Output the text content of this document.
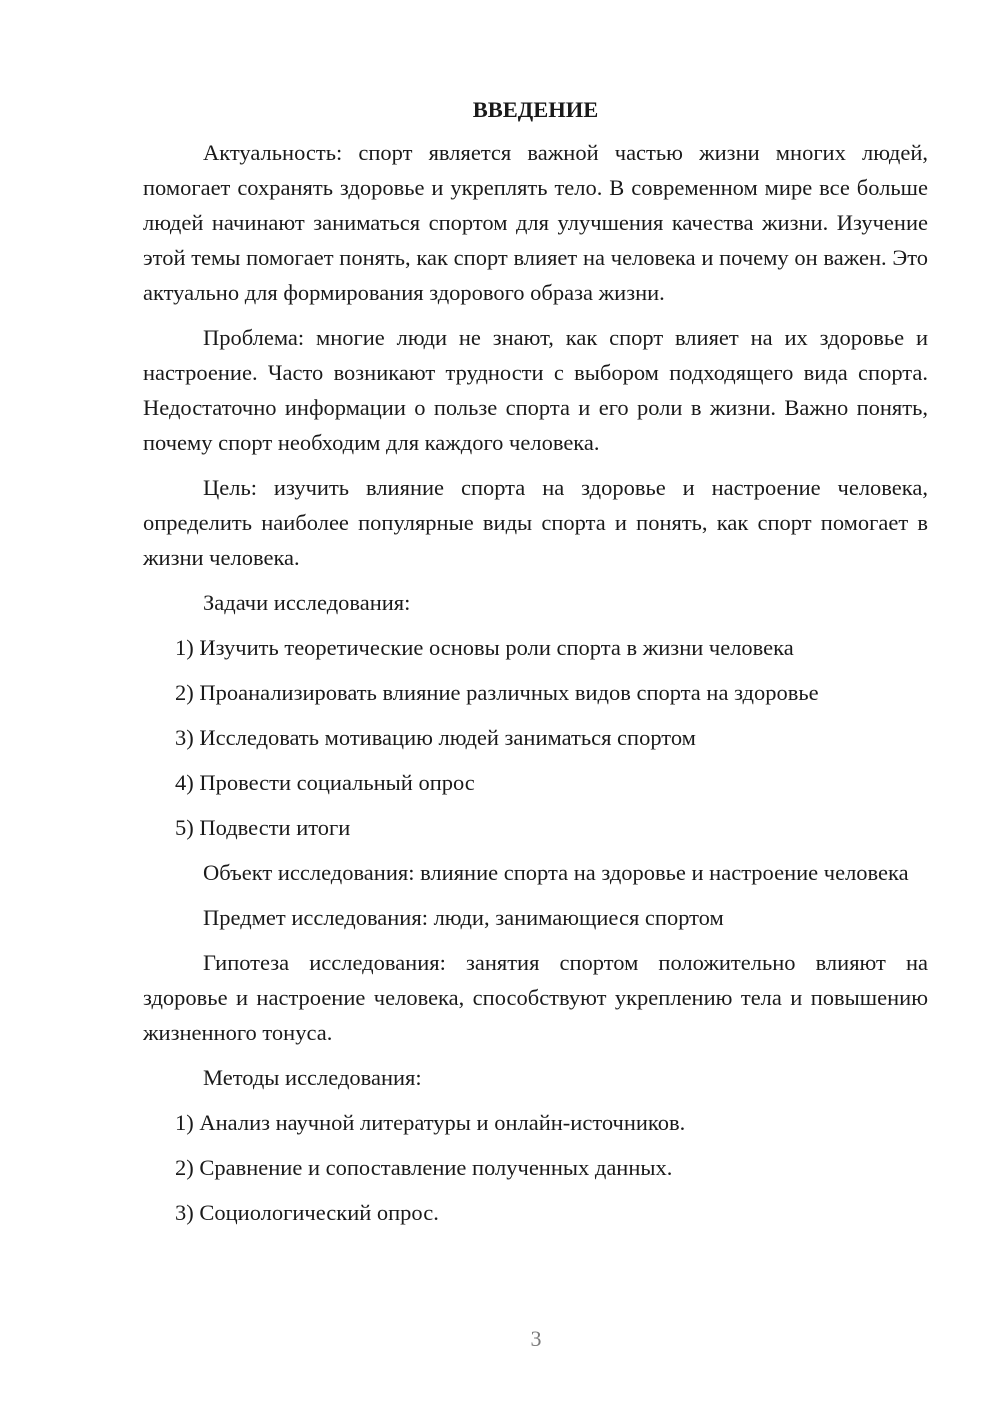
ВВЕДЕНИЕ

Актуальность: спорт является важной частью жизни многих людей, помогает сохранять здоровье и укреплять тело. В современном мире все больше людей начинают заниматься спортом для улучшения качества жизни. Изучение этой темы помогает понять, как спорт влияет на человека и почему он важен. Это актуально для формирования здорового образа жизни.

Проблема: многие люди не знают, как спорт влияет на их здоровье и настроение. Часто возникают трудности с выбором подходящего вида спорта. Недостаточно информации о пользе спорта и его роли в жизни. Важно понять, почему спорт необходим для каждого человека.

Цель: изучить влияние спорта на здоровье и настроение человека, определить наиболее популярные виды спорта и понять, как спорт помогает в жизни человека.

Задачи исследования:

1) Изучить теоретические основы роли спорта в жизни человека
2) Проанализировать влияние различных видов спорта на здоровье
3) Исследовать мотивацию людей заниматься спортом
4) Провести социальный опрос
5) Подвести итоги

Объект исследования: влияние спорта на здоровье и настроение человека

Предмет исследования: люди, занимающиеся спортом

Гипотеза исследования: занятия спортом положительно влияют на здоровье и настроение человека, способствуют укреплению тела и повышению жизненного тонуса.

Методы исследования:

1) Анализ научной литературы и онлайн-источников.
2) Сравнение и сопоставление полученных данных.
3) Социологический опрос.
3
